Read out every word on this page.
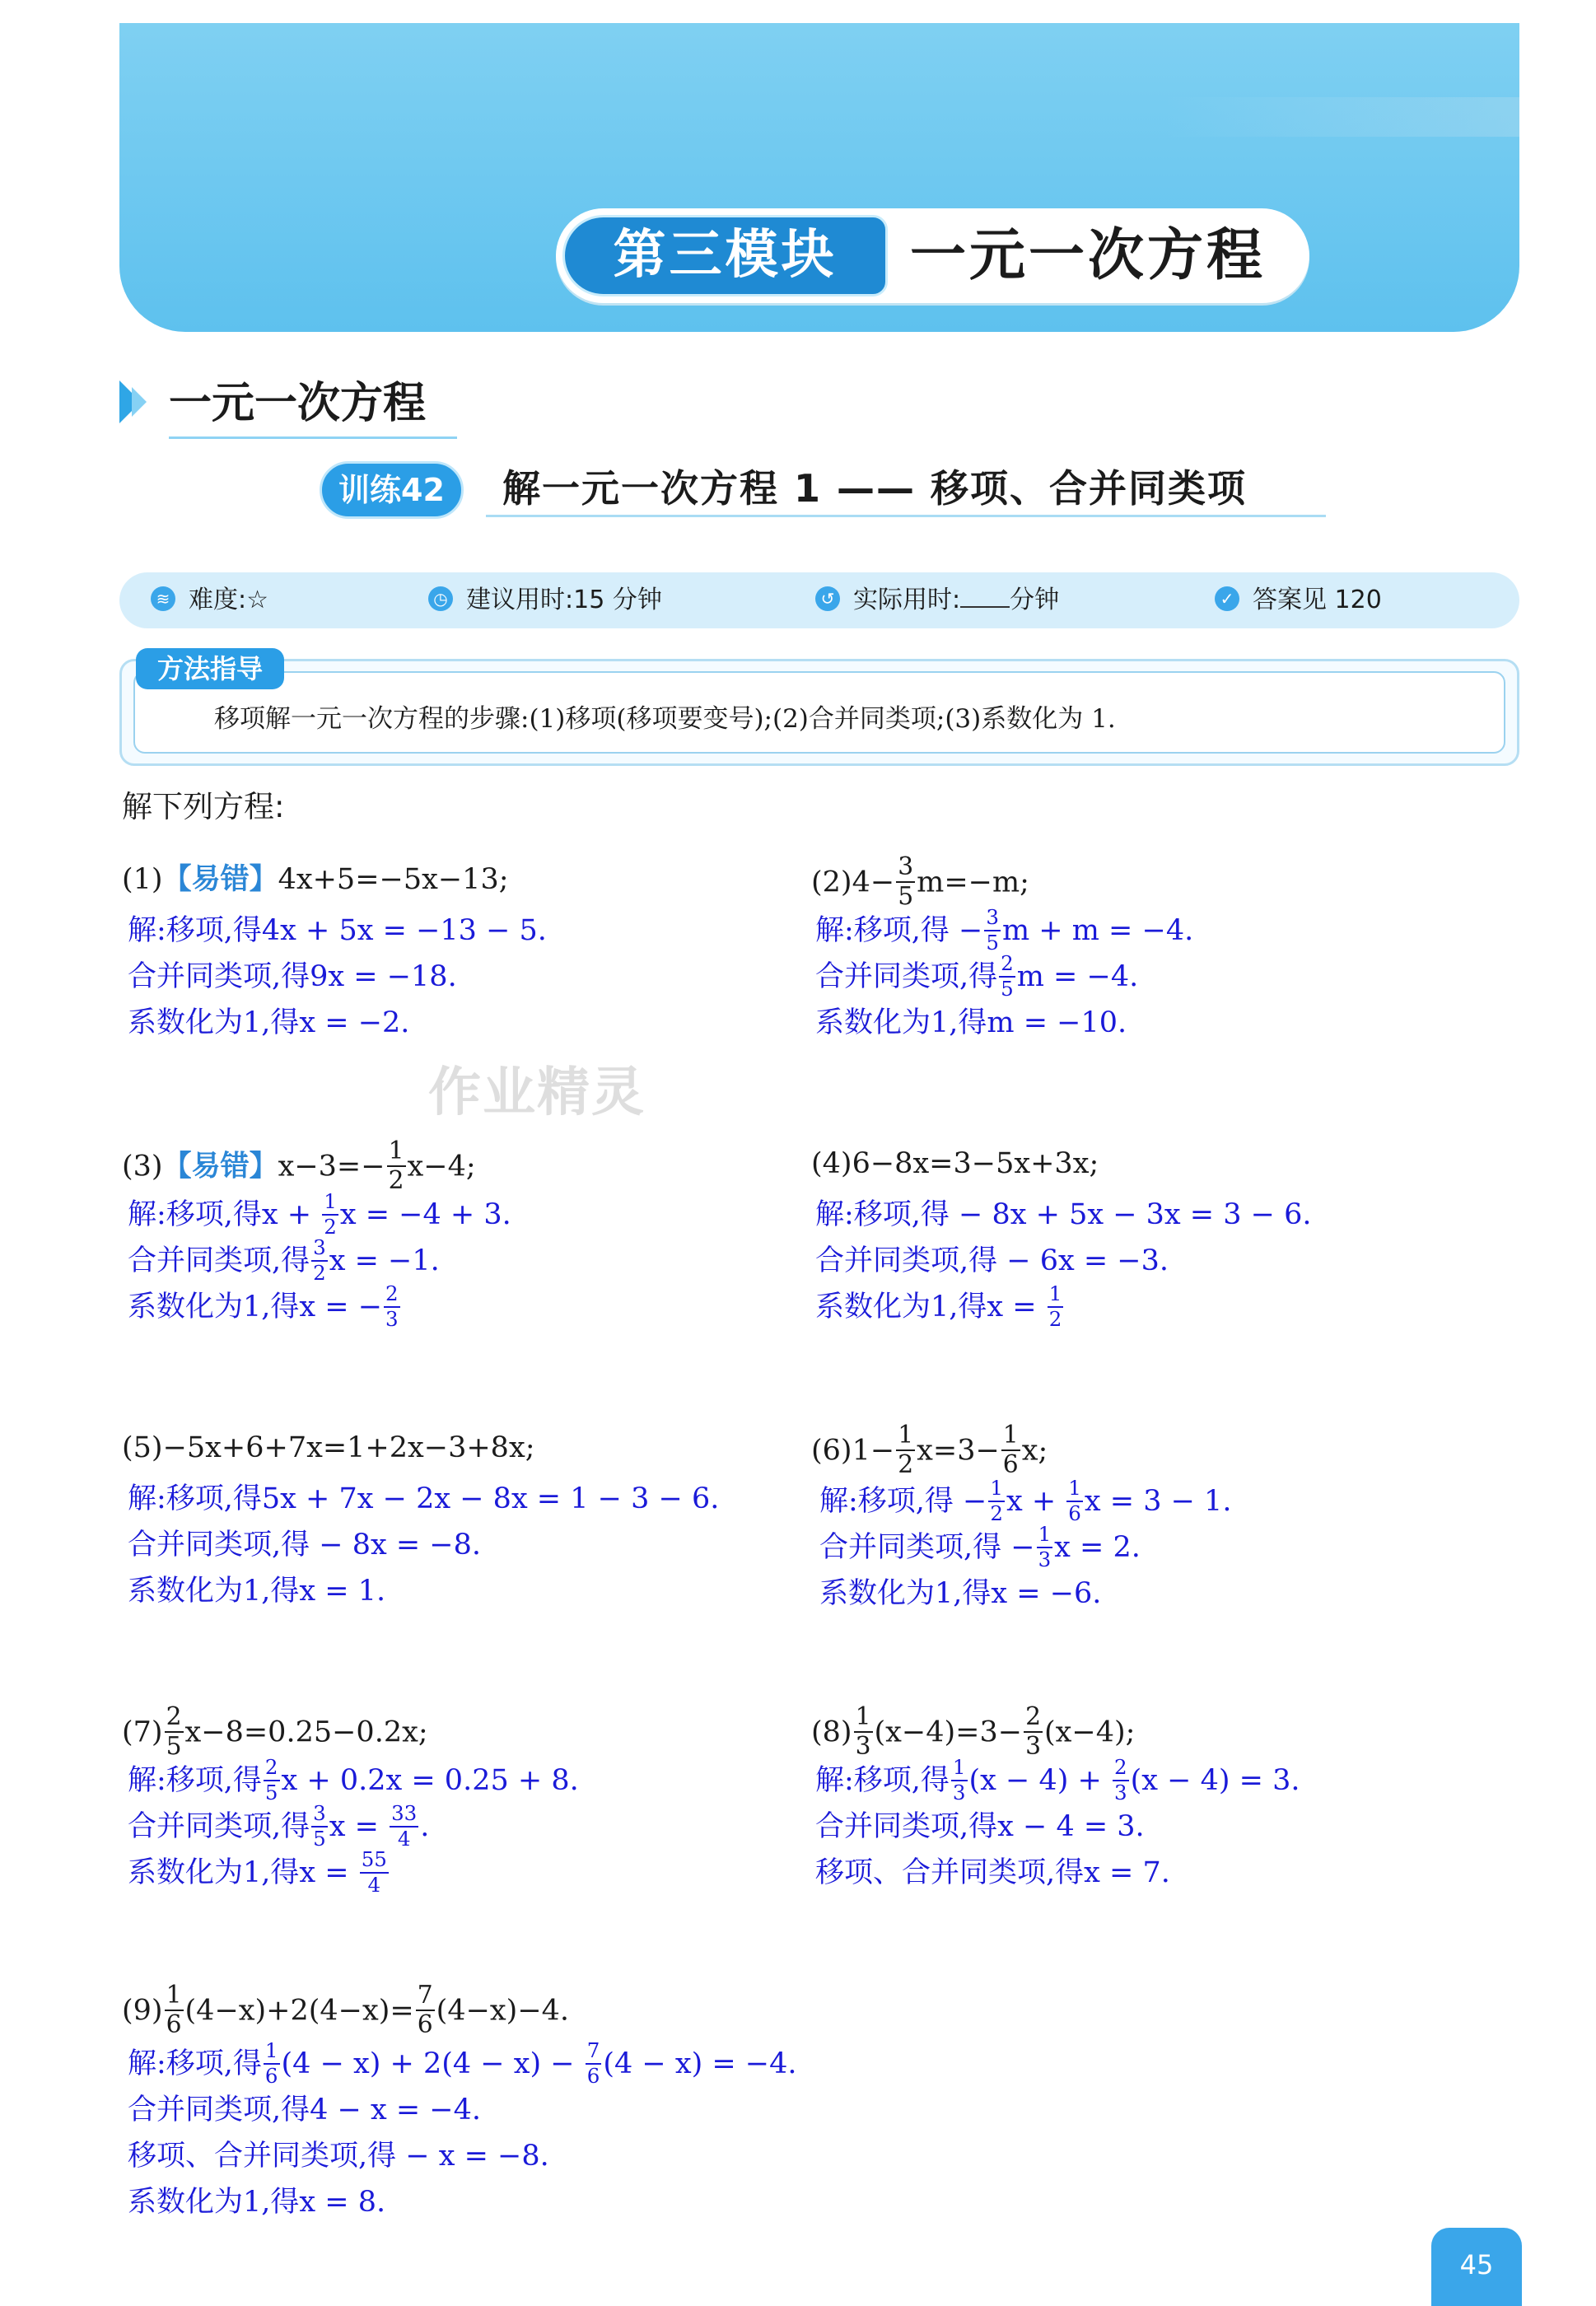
第三模块	一元一次方程
一元一次方程
训练42	解一元一次方程 1 —— 移项、合并同类项
≋ 难度:☆	◷ 建议用时:15 分钟	↺ 实际用时: 分钟	✓ 答案见 120
方法指导
移项解一元一次方程的步骤:(1)移项(移项要变号);(2)合并同类项;(3)系数化为 1.
解下列方程:
(1)【易错】4x+5=−5x−13;
解:移项,得4x + 5x = −13 − 5.
合并同类项,得9x = −18.
系数化为1,得x = −2.
$(2)4- \frac{3}{5} m=-m$;
解:移项,得 − $\frac{3}{5}$ m + m = −4.
合并同类项,得 $\frac{2}{5}$ m = −4.
系数化为1,得m = −10.
作业精灵
(3)【易错】$x-3=- \frac{1}{2} x-4$;
解:移项,得$x + \frac{1}{2}$ x = −4 + 3.
合并同类项,得 $\frac{3}{2}$ x = −1.
系数化为1,得x = − $\frac{2}{3}$
(4)6−8x=3−5x+3x;
解:移项,得 − 8x + 5x − 3x = 3 − 6.
合并同类项,得 − 6x = −3.
系数化为1,得$x = \frac{1}{2}$
(5)−5x+6+7x=1+2x−3+8x;
解:移项,得5x + 7x − 2x − 8x = 1 − 3 − 6.
合并同类项,得 − 8x = −8.
系数化为1,得x = 1.
$(6)1- \frac{1}{2} x=3- \frac{1}{6} x$;
解:移项,得 − $\frac{1}{2}$ $x + \frac{1}{6}$ x = 3 − 1.
合并同类项,得 − $\frac{1}{3}$ x = 2.
系数化为1,得x = −6.
$(7) \frac{2}{5} x-8=0.25-0.2x$;
解:移项,得 $\frac{2}{5}$ x + 0.2x = 0.25 + 8.
合并同类项,得 $\frac{3}{5}$ $x = \frac{33}{4}$ .
系数化为1,得$x = \frac{55}{4}$
$(8) \frac{1}{3} (x-4)=3- \frac{2}{3} (x-4)$;
解:移项,得 $\frac{1}{3} (x - 4) + \frac{2}{3} (x - 4) = 3$.
合并同类项,得x − 4 = 3.
移项、合并同类项,得x = 7.
$(9) \frac{1}{6} (4-x)+2(4-x)= \frac{7}{6} (4-x)-4$.
解:移项,得 $\frac{1}{6} (4 - x) + 2(4 - x) - \frac{7}{6} (4 - x) = -4$.
合并同类项,得4 − x = −4.
移项、合并同类项,得 − x = −8.
系数化为1,得x = 8.
45
